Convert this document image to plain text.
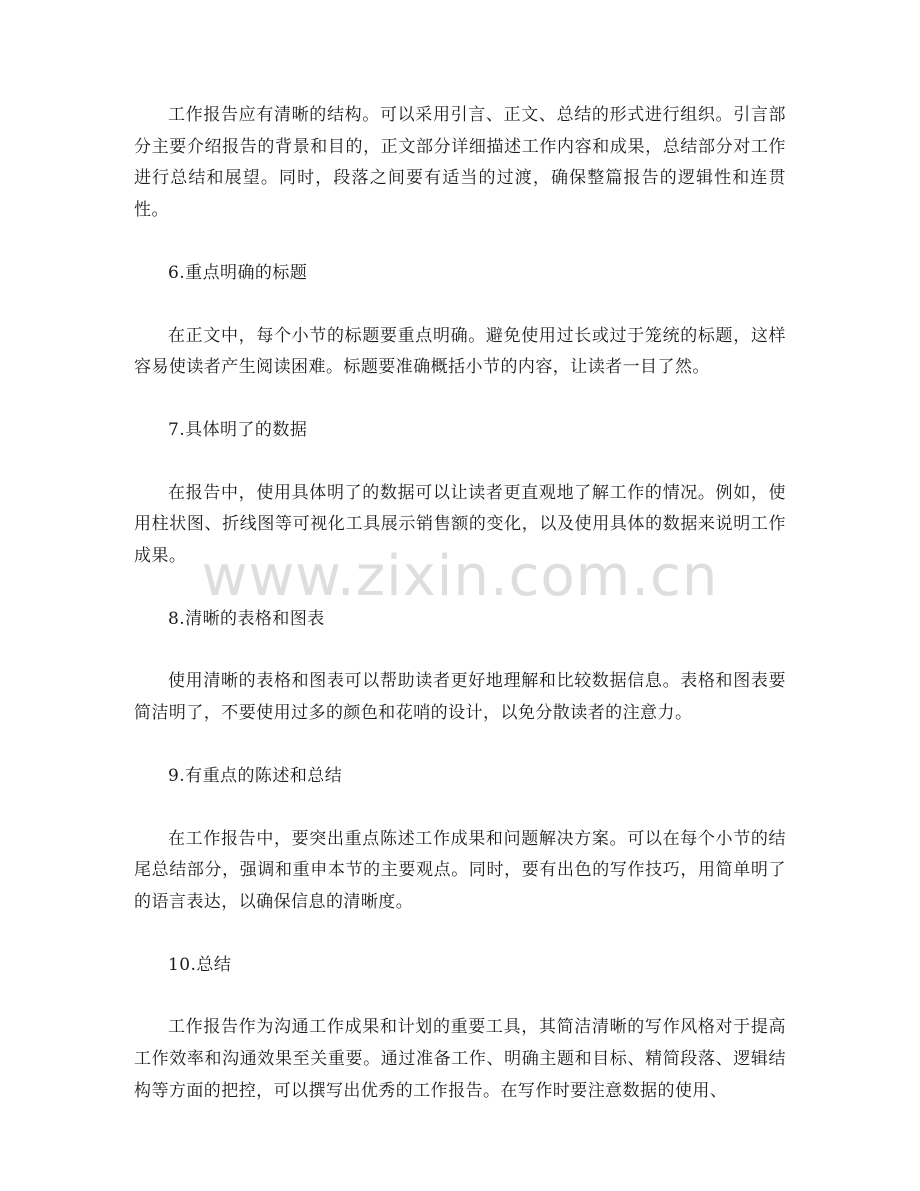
工作报告应有清晰的结构。可以采用引言、正文、总结的形式进行组织。引言部分主要介绍报告的背景和目的，正文部分详细描述工作内容和成果，总结部分对工作进行总结和展望。同时，段落之间要有适当的过渡，确保整篇报告的逻辑性和连贯性。

6.重点明确的标题

在正文中，每个小节的标题要重点明确。避免使用过长或过于笼统的标题，这样容易使读者产生阅读困难。标题要准确概括小节的内容，让读者一目了然。

7.具体明了的数据

在报告中，使用具体明了的数据可以让读者更直观地了解工作的情况。例如，使用柱状图、折线图等可视化工具展示销售额的变化，以及使用具体的数据来说明工作成果。

8.清晰的表格和图表

使用清晰的表格和图表可以帮助读者更好地理解和比较数据信息。表格和图表要简洁明了，不要使用过多的颜色和花哨的设计，以免分散读者的注意力。

9.有重点的陈述和总结

在工作报告中，要突出重点陈述工作成果和问题解决方案。可以在每个小节的结尾总结部分，强调和重申本节的主要观点。同时，要有出色的写作技巧，用简单明了的语言表达，以确保信息的清晰度。

10.总结

工作报告作为沟通工作成果和计划的重要工具，其简洁清晰的写作风格对于提高工作效率和沟通效果至关重要。通过准备工作、明确主题和目标、精简段落、逻辑结构等方面的把控，可以撰写出优秀的工作报告。在写作时要注意数据的使用、

www.zixin.com.cn
